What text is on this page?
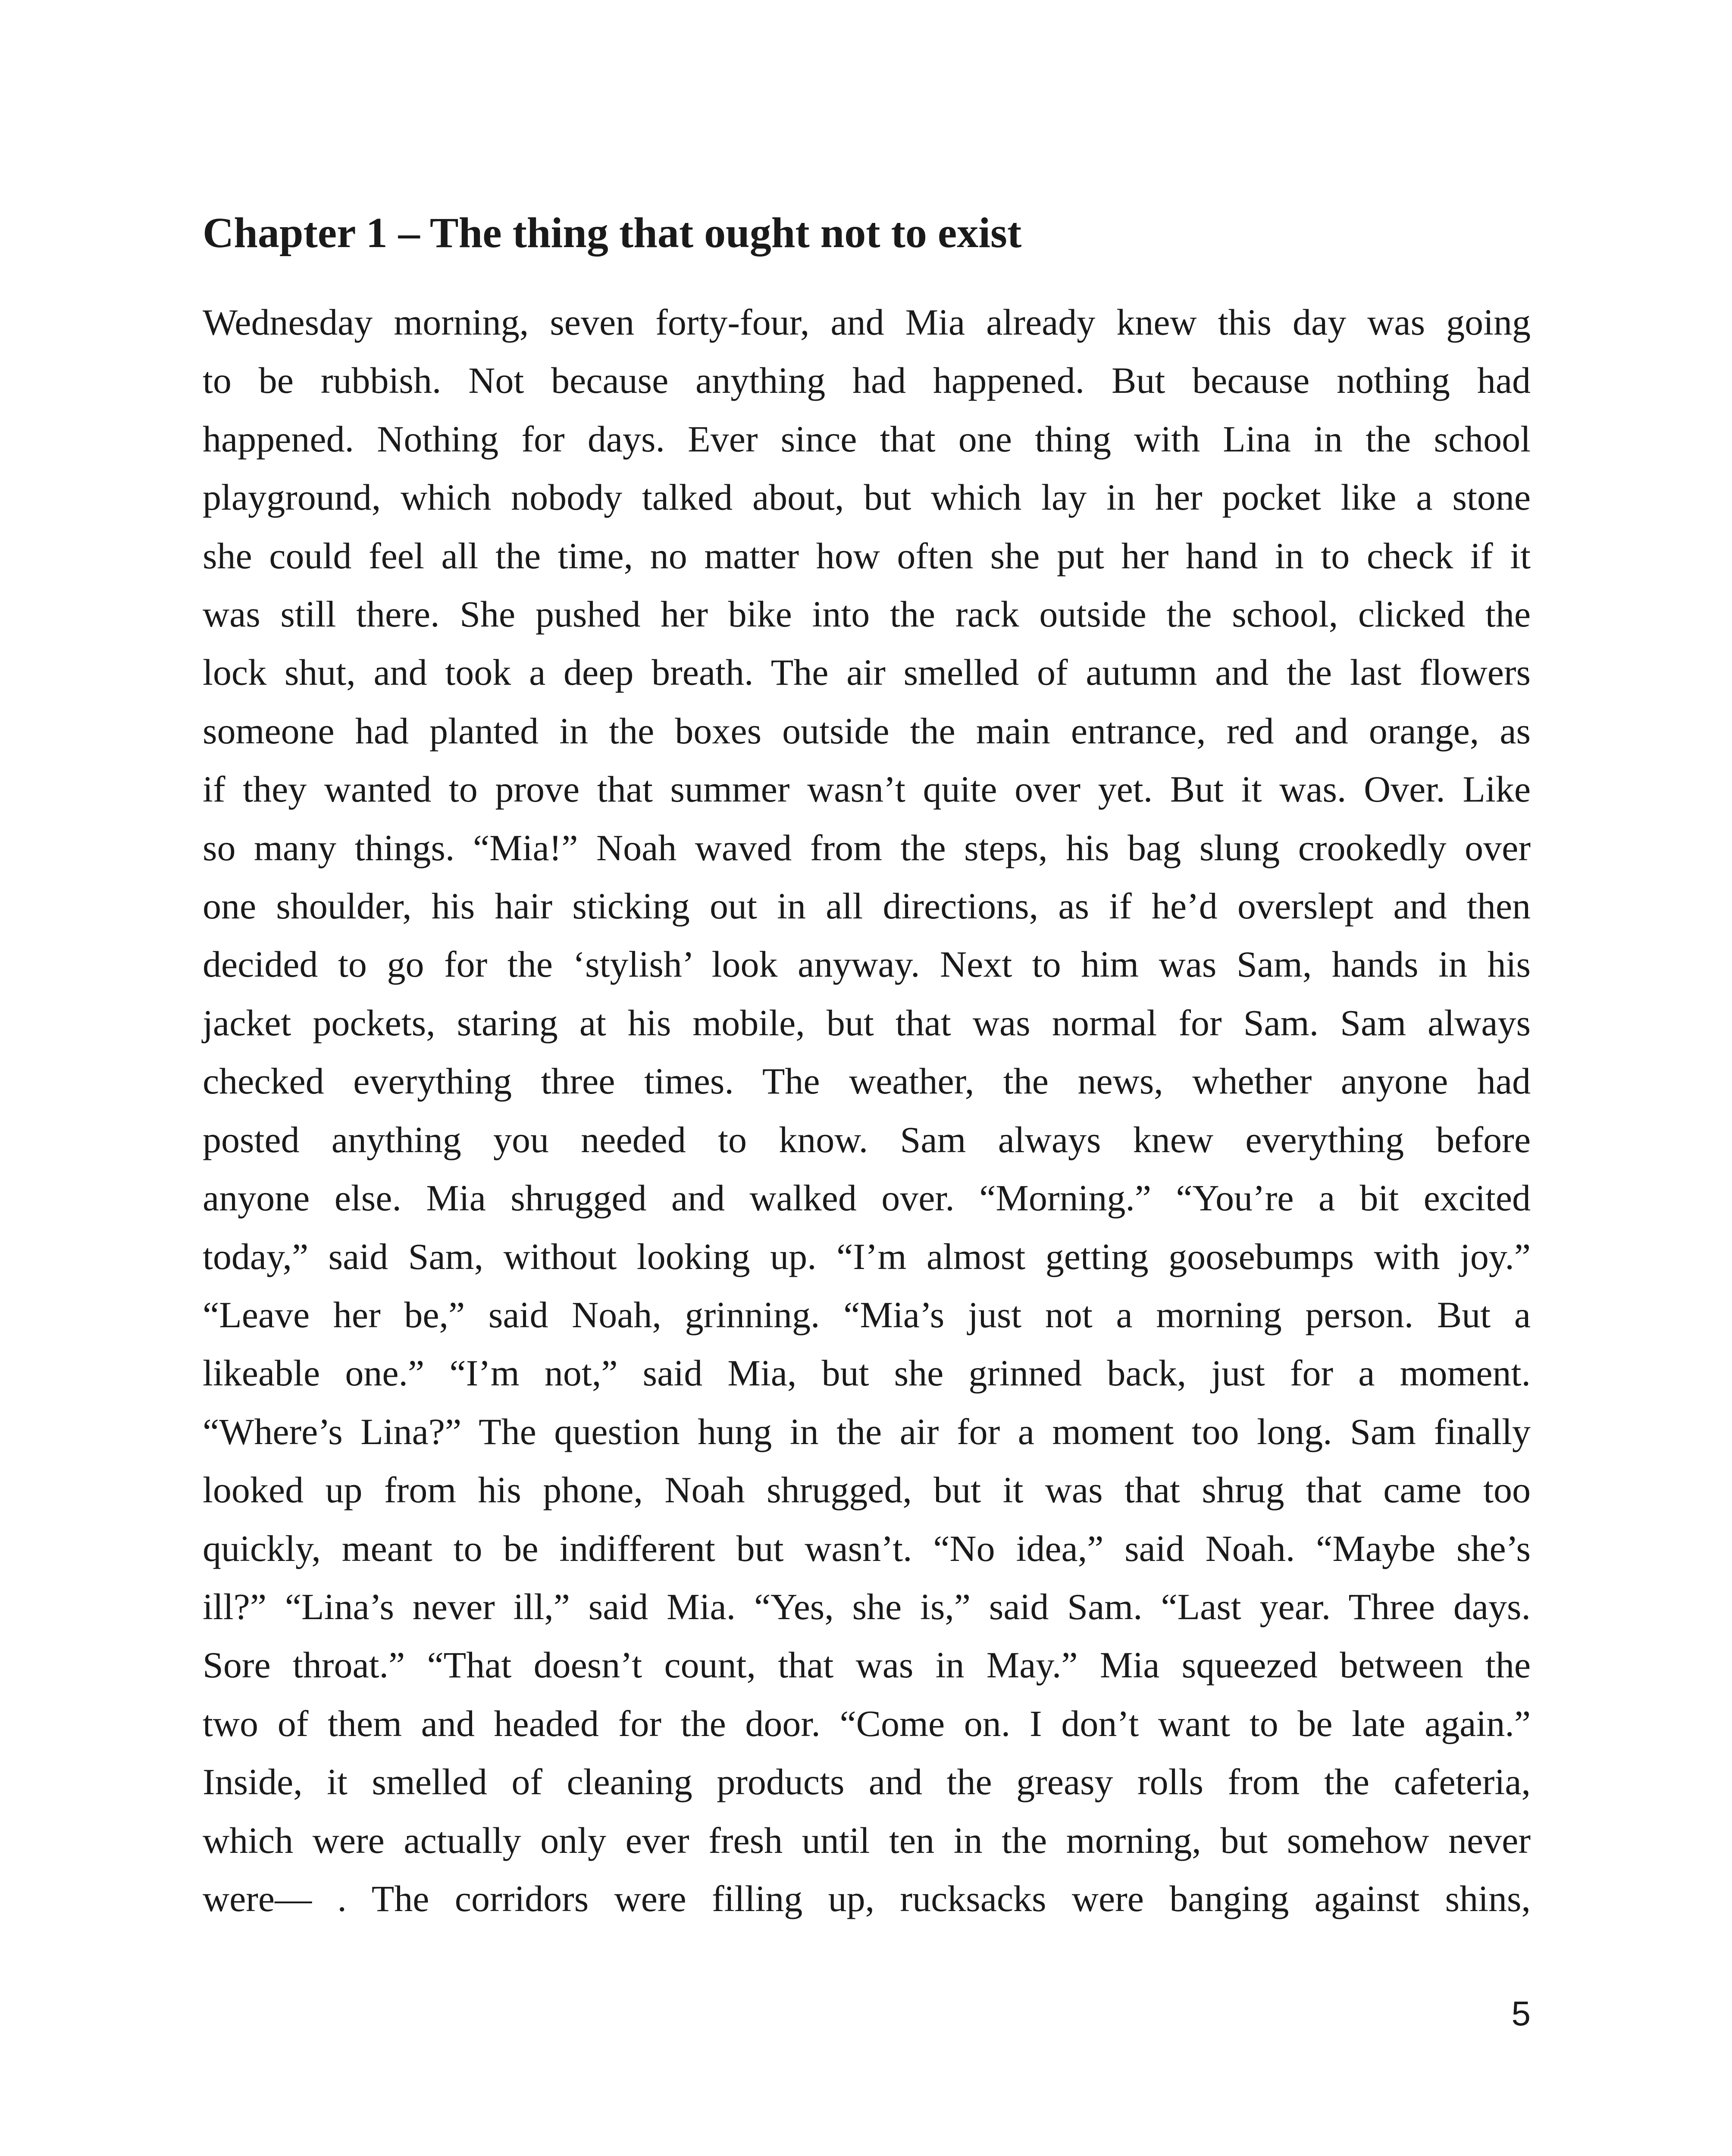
Chapter 1 – The thing that ought not to exist
Wednesday morning, seven forty-four, and Mia already knew this day was going
to be rubbish. Not because anything had happened. But because nothing had
happened. Nothing for days. Ever since that one thing with Lina in the school
playground, which nobody talked about, but which lay in her pocket like a stone
she could feel all the time, no matter how often she put her hand in to check if it
was still there. She pushed her bike into the rack outside the school, clicked the
lock shut, and took a deep breath. The air smelled of autumn and the last flowers
someone had planted in the boxes outside the main entrance, red and orange, as
if they wanted to prove that summer wasn’t quite over yet. But it was. Over. Like
so many things. “Mia!” Noah waved from the steps, his bag slung crookedly over
one shoulder, his hair sticking out in all directions, as if he’d overslept and then
decided to go for the ‘stylish’ look anyway. Next to him was Sam, hands in his
jacket pockets, staring at his mobile, but that was normal for Sam. Sam always
checked everything three times. The weather, the news, whether anyone had
posted anything you needed to know. Sam always knew everything before
anyone else. Mia shrugged and walked over. “Morning.” “You’re a bit excited
today,” said Sam, without looking up. “I’m almost getting goosebumps with joy.”
“Leave her be,” said Noah, grinning. “Mia’s just not a morning person. But a
likeable one.” “I’m not,” said Mia, but she grinned back, just for a moment.
“Where’s Lina?” The question hung in the air for a moment too long. Sam finally
looked up from his phone, Noah shrugged, but it was that shrug that came too
quickly, meant to be indifferent but wasn’t. “No idea,” said Noah. “Maybe she’s
ill?” “Lina’s never ill,” said Mia. “Yes, she is,” said Sam. “Last year. Three days.
Sore throat.” “That doesn’t count, that was in May.” Mia squeezed between the
two of them and headed for the door. “Come on. I don’t want to be late again.”
Inside, it smelled of cleaning products and the greasy rolls from the cafeteria,
which were actually only ever fresh until ten in the morning, but somehow never
were— . The corridors were filling up, rucksacks were banging against shins,
5
